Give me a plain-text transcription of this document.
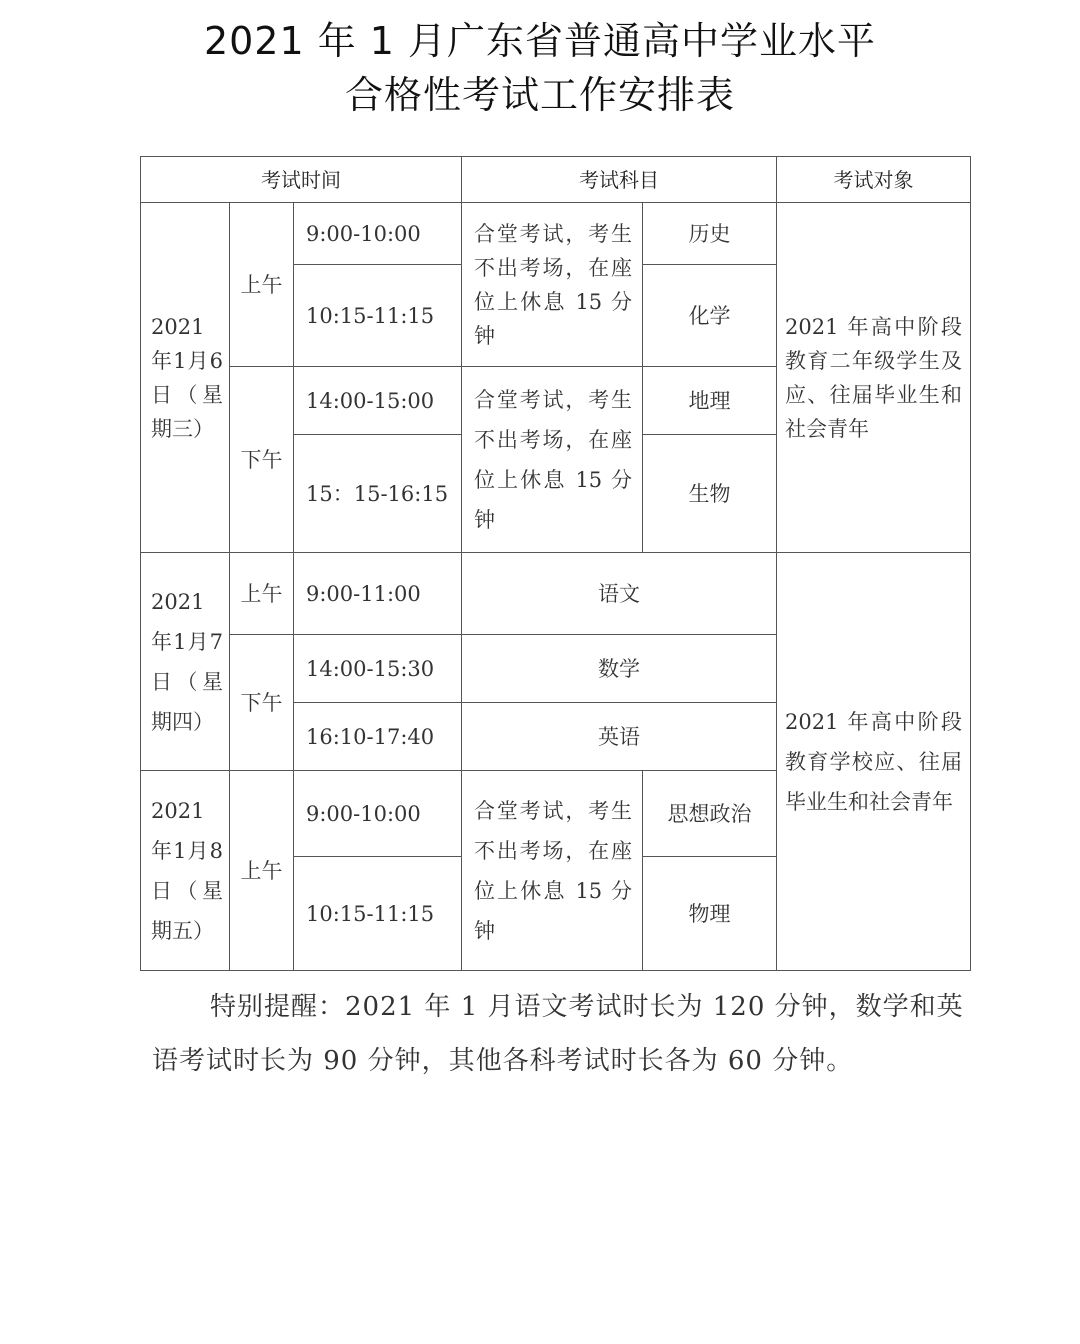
2021 年 1 月广东省普通高中学业水平
合格性考试工作安排表
考试时间			考试科目		考试对象
2021年1月6日（星期三）	上午	9:00-10:00	合堂考试，考生不出考场，在座位上休息 15 分钟	历史	2021 年高中阶段教育二年级学生及应、往届毕业生和社会青年
		10:15-11:15		化学	
	下午	14:00-15:00	合堂考试，考生不出考场，在座位上休息 15 分钟	地理	
		15：15-16:15		生物	
2021年1月7日（星期四）	上午	9:00-11:00	语文		2021 年高中阶段教育学校应、往届毕业生和社会青年
	下午	14:00-15:30	数学		
		16:10-17:40	英语		
2021年1月8日（星期五）	上午	9:00-10:00	合堂考试，考生不出考场，在座位上休息 15 分钟	思想政治	
		10:15-11:15		物理	

特别提醒：2021 年 1 月语文考试时长为 120 分钟，数学和英语考试时长为 90 分钟，其他各科考试时长各为 60 分钟。
